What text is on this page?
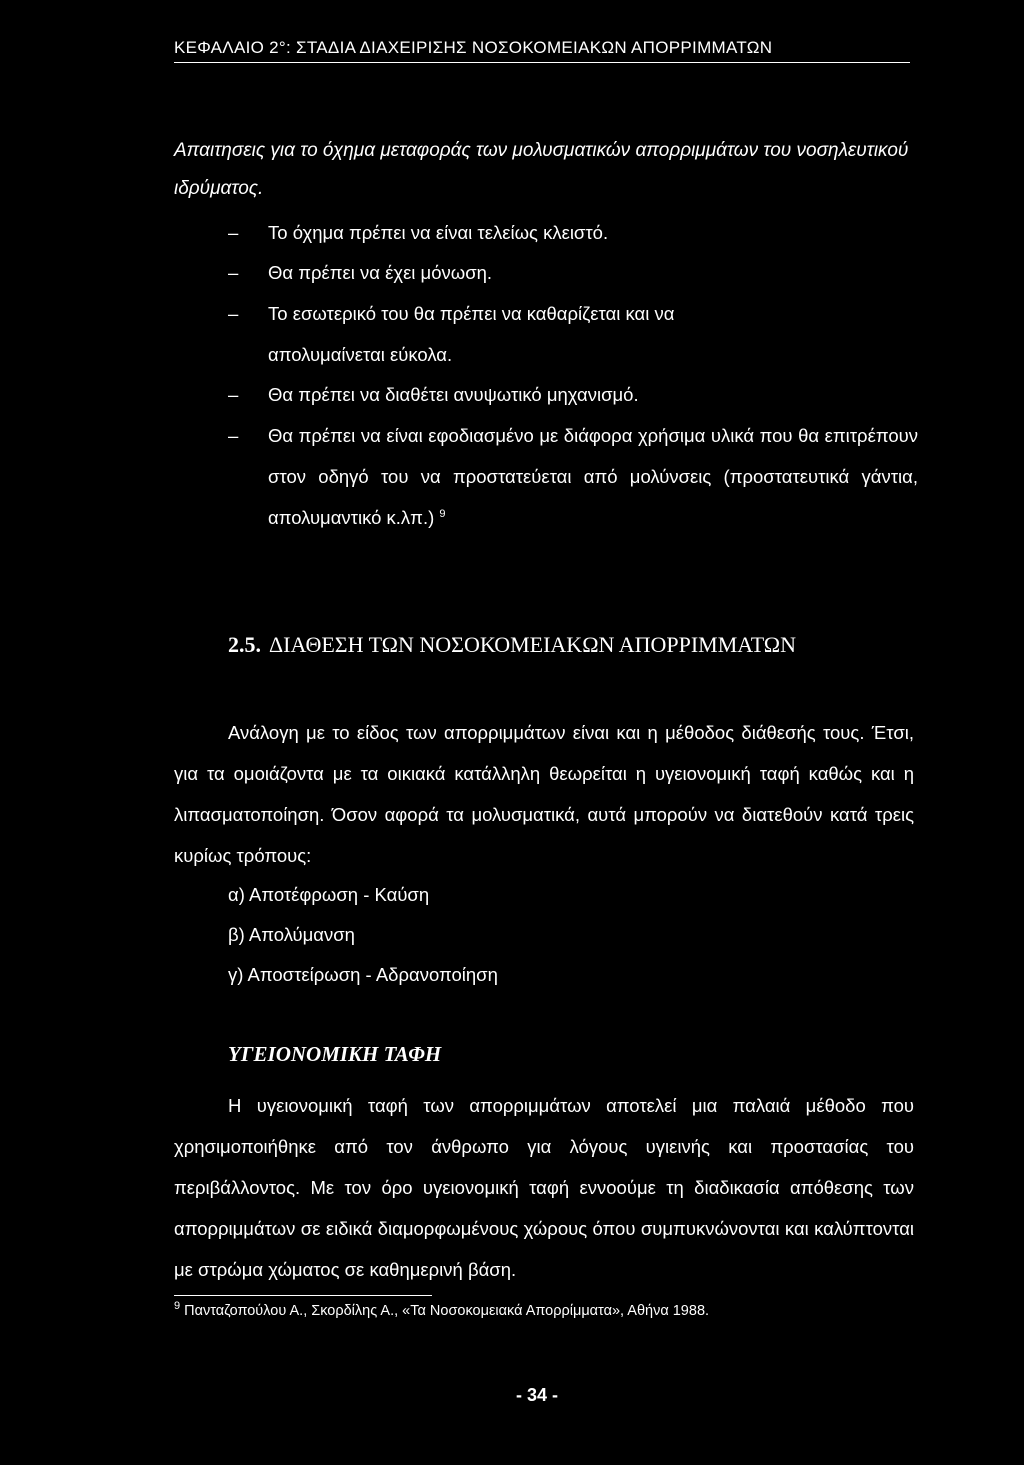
ΚΕΦΑΛΑΙΟ 2°: ΣΤΑΔΙΑ ΔΙΑΧΕΙΡΙΣΗΣ ΝΟΣΟΚΟΜΕΙΑΚΩΝ ΑΠΟΡΡΙΜΜΑΤΩΝ
Απαιτησεις για το όχημα μεταφοράς των μολυσματικών απορριμμάτων του νοσηλευτικού ιδρύματος.
– Το όχημα πρέπει να είναι τελείως κλειστό.
– Θα πρέπει να έχει μόνωση.
– Το εσωτερικό του θα πρέπει να καθαρίζεται και να απολυμαίνεται εύκολα.
– Θα πρέπει να διαθέτει ανυψωτικό μηχανισμό.
– Θα πρέπει να είναι εφοδιασμένο με διάφορα χρήσιμα υλικά που θα επιτρέπουν στον οδηγό του να προστατεύεται από μολύνσεις (προστατευτικά γάντια, απολυμαντικό κ.λπ.) $^9$
2.5. ΔΙΑΘΕΣΗ ΤΩΝ ΝΟΣΟΚΟΜΕΙΑΚΩΝ ΑΠΟΡΡΙΜΜΑΤΩΝ
Ανάλογη με το είδος των απορριμμάτων είναι και η μέθοδος διάθεσής τους. Έτσι, για τα ομοιάζοντα με τα οικιακά κατάλληλη θεωρείται η υγειονομική ταφή καθώς και η λιπασματοποίηση. Όσον αφορά τα μολυσματικά, αυτά μπορούν να διατεθούν κατά τρεις κυρίως τρόπους:
α) Αποτέφρωση - Καύση
β) Απολύμανση
γ) Αποστείρωση - Αδρανοποίηση
ΥΓΕΙΟΝΟΜΙΚΗ ΤΑΦΗ
Η υγειονομική ταφή των απορριμμάτων αποτελεί μια παλαιά μέθοδο που χρησιμοποιήθηκε από τον άνθρωπο για λόγους υγιεινής και προστασίας του περιβάλλοντος. Με τον όρο υγειονομική ταφή εννοούμε τη διαδικασία απόθεσης των απορριμμάτων σε ειδικά διαμορφωμένους χώρους όπου συμπυκνώνονται και καλύπτονται με στρώμα χώματος σε καθημερινή βάση.
$^9$ Πανταζοπούλου Α., Σκορδίλης Α., «Τα Νοσοκομειακά Απορρίμματα», Αθήνα 1988.
- 34 -
